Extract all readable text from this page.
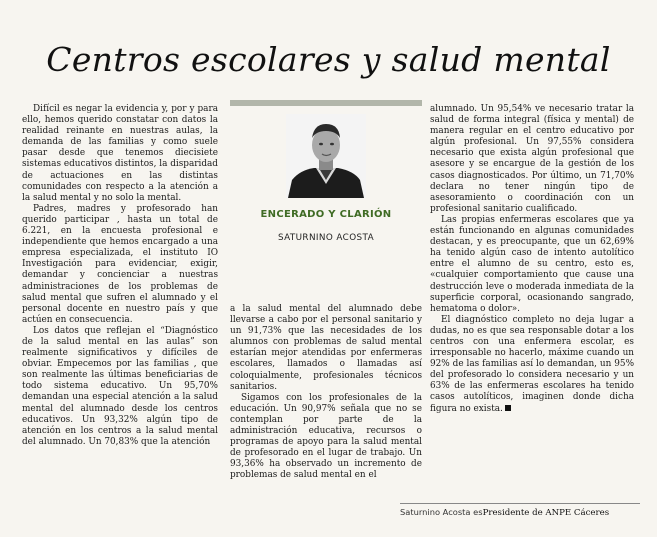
Centros escolares y salud mental

Difícil es negar la evidencia y, por y para ello, hemos querido constatar con datos la realidad reinante en nuestras aulas, la demanda de las familias y como suele pasar desde que tenemos diecisiete sistemas educativos distintos, la disparidad de actuaciones en las distintas comunidades con respecto a la atención a la salud mental y no solo la mental.

Padres, madres y profesorado han querido participar , hasta un total de 6.221, en la encuesta profesional e independiente que hemos encargado a una empresa especializada, el instituto IO Investigación para evidenciar, exigir, demandar y concienciar a nuestras administraciones de los problemas de salud mental que sufren el alumnado y el personal docente en nuestro país y que actúen en consecuencia.

Los datos que reflejan el “Diagnóstico de la salud mental en las aulas” son realmente significativos y difíciles de obviar. Empecemos por las familias , que son realmente las últimas beneficiarias de todo sistema educativo. Un 95,70% demandan una especial atención a la salud mental del alumnado desde los centros educativos. Un 93,32% algún tipo de atención en los centros a la salud mental del alumnado. Un 70,83% que la atención

ENCERADO Y CLARIÓN
SATURNINO ACOSTA

a la salud mental del alumnado debe llevarse a cabo por el personal sanitario y un 91,73% que las necesidades de los alumnos con problemas de salud mental estarían mejor atendidas por enfermeras escolares, llamados o llamadas así coloquialmente, profesionales técnicos sanitarios.

Sigamos con los profesionales de la educación. Un 90,97% señala que no se contemplan por parte de la administración educativa, recursos o programas de apoyo para la salud mental de profesorado en el lugar de trabajo. Un 93,36% ha observado un incremento de problemas de salud mental en el

alumnado. Un 95,54% ve necesario tratar la salud de forma integral (física y mental) de manera regular en el centro educativo por algún profesional. Un 97,55% considera necesario que exista algún profesional que asesore y se encargue de la gestión de los casos diagnosticados. Por último, un 71,70% declara no tener ningún tipo de asesoramiento o coordinación con un profesional sanitario cualificado.

Las propias enfermeras escolares que ya están funcionando en algunas comunidades destacan, y es preocupante, que un 62,69% ha tenido algún caso de intento autolítico entre el alumno de su centro, esto es, «cualquier comportamiento que cause una destrucción leve o moderada inmediata de la superficie corporal, ocasionando sangrado, hematoma o dolor».

El diagnóstico completo no deja lugar a dudas, no es que sea responsable dotar a los centros con una enfermera escolar, es irresponsable no hacerlo, máxime cuando un 92% de las familias así lo demandan, un 95% del profesorado lo considera necesario y un 63% de las enfermeras escolares ha tenido casos autolíticos, imaginen donde dicha figura no exista.

Saturnino Acosta esPresidente de ANPE Cáceres
